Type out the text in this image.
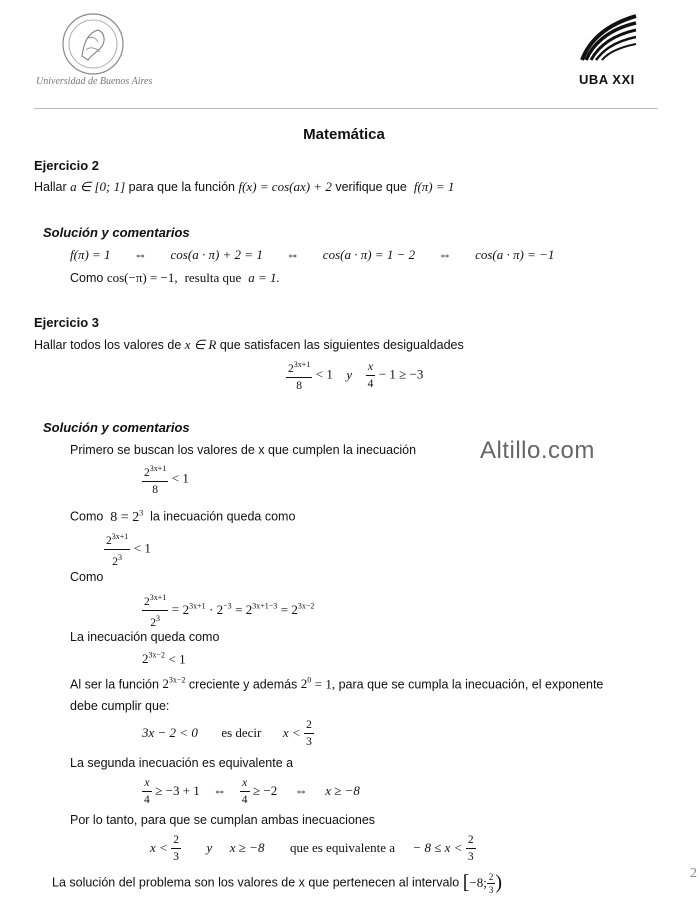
Universidad de Buenos Aires	UBA XXI
Matemática
Ejercicio 2
Hallar a ∈ [0; 1] para que la función f(x) = cos(ax) + 2 verifique que f(π) = 1
Solución y comentarios
f(π) = 1 ⇔ cos(a · π) + 2 = 1 ⇔ cos(a · π) = 1 − 2 ⇔ cos(a · π) = −1
Como cos(−π) = −1, resulta que a = 1.
Ejercicio 3
Hallar todos los valores de x ∈ R que satisfacen las siguientes desigualdades
$\frac{2^{3x+1}}{8} < 1$ y $\frac{x}{4} - 1 \ge -3$
Solución y comentarios
Primero se buscan los valores de x que cumplen la inecuación	Altillo.com
$\frac{2^{3x+1}}{8} < 1$
Como $8 = 2^3$ la inecuación queda como
$\frac{2^{3x+1}}{2^3} < 1$
Como
$\frac{2^{3x+1}}{2^3} = 2^{3x+1} \cdot 2^{-3} = 2^{3x+1-3} = 2^{3x-2}$
La inecuación queda como
$2^{3x-2} < 1$
Al ser la función $2^{3x-2}$ creciente y además $2^0 = 1$, para que se cumpla la inecuación, el exponente
debe cumplir que:
3x − 2 < 0 es decir $x < \frac{2}{3}$
La segunda inecuación es equivalente a
$\frac{x}{4} \ge -3 + 1$ ⇔ $\frac{x}{4} \ge -2$ ⇔ x ≥ −8
Por lo tanto, para que se cumplan ambas inecuaciones
$x < \frac{2}{3}$ y x ≥ −8 que es equivalente $a - 8 \le x < \frac{2}{3}$
La solución del problema son los valores de x que pertenecen al intervalo [−8; $\frac{2}{3}$ )	2
